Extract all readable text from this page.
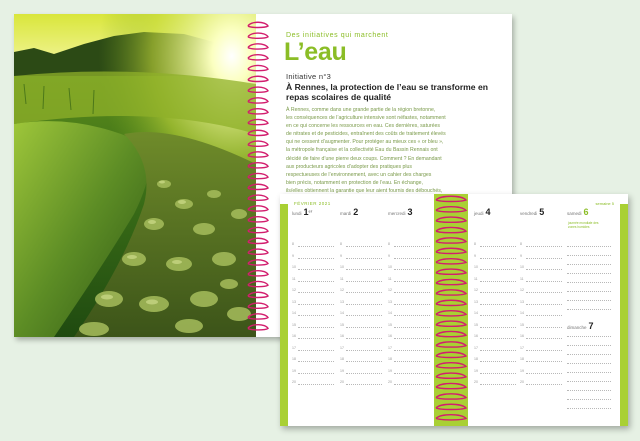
Des initiatives qui marchent
L’eau
Initiative n°3
À Rennes, la protection de l’eau se transforme en repas scolaires de qualité
À Rennes, comme dans une grande partie de la région bretonne,
les conséquences de l’agriculture intensive sont néfastes, notamment
en ce qui concerne les ressources en eau. Ces dernières, saturées
de nitrates et de pesticides, entraînent des coûts de traitement élevés
qui ne cessent d’augmenter. Pour protéger au mieux ces « or bleu »,
la métropole française et la collectivité Eau du Bassin Rennais ont
décidé de faire d’une pierre deux coups. Comment ? En demandant
aux producteurs agricoles d’adopter des pratiques plus
respectueuses de l’environnement, avec un cahier des charges
bien précis, notamment en protection de l’eau. En échange,
ils/elles obtiennent la garantie que leur aient fournis des débouchés,
FÉVRIER 2021	semaine 5
lundi 1er	mardi 2	mercredi 3	jeudi 4	vendredi 5	samedi 6
journée mondiale des zones humides
dimanche 7
8	8	8	8	8
9	9	9	9	9
10	10	10	10	10
11	11	11	11	11
12	12	12	12	12
13	13	13	13	13
14	14	14	14	14
15	15	15	15	15
16	16	16	16	16
17	17	17	17	17
18	18	18	18	18
19	19	19	19	19
20	20	20	20	20
